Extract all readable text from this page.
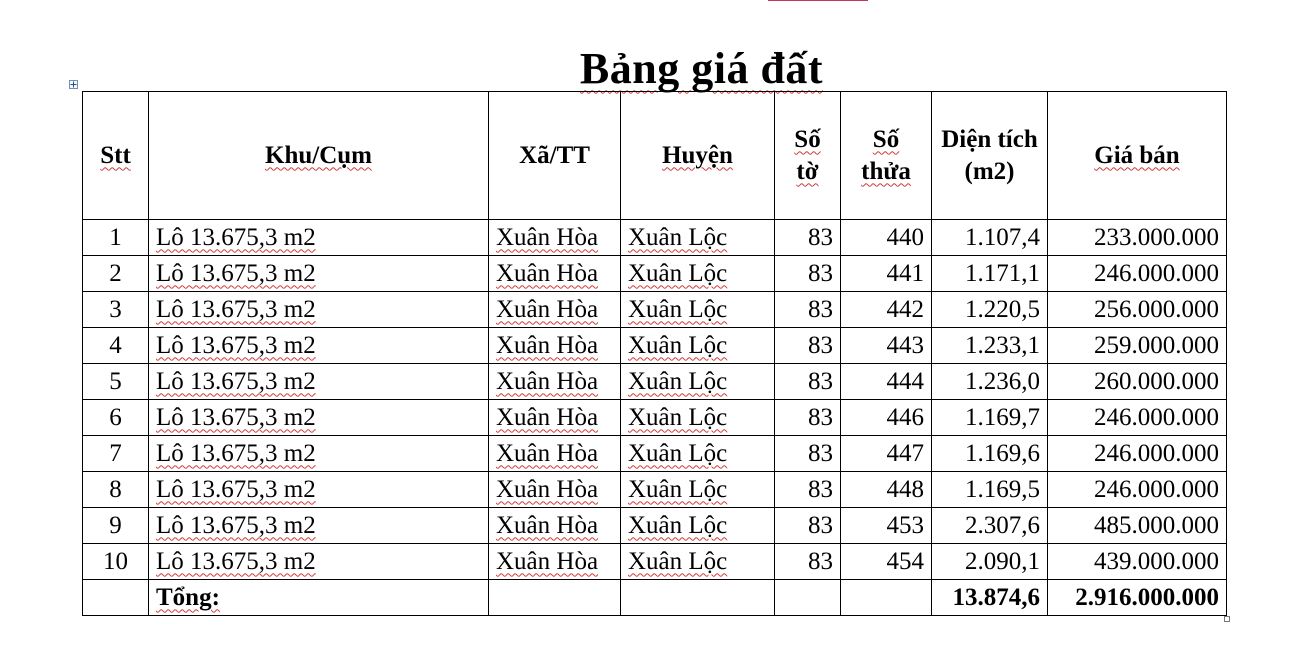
Bảng giá đất
Stt	Khu/Cụm	Xã/TT	Huyện	Số tờ	Số thửa	Diện tích (m2)	Giá bán
1	Lô 13.675,3 m2	Xuân Hòa	Xuân Lộc	83	440	1.107,4	233.000.000
2	Lô 13.675,3 m2	Xuân Hòa	Xuân Lộc	83	441	1.171,1	246.000.000
3	Lô 13.675,3 m2	Xuân Hòa	Xuân Lộc	83	442	1.220,5	256.000.000
4	Lô 13.675,3 m2	Xuân Hòa	Xuân Lộc	83	443	1.233,1	259.000.000
5	Lô 13.675,3 m2	Xuân Hòa	Xuân Lộc	83	444	1.236,0	260.000.000
6	Lô 13.675,3 m2	Xuân Hòa	Xuân Lộc	83	446	1.169,7	246.000.000
7	Lô 13.675,3 m2	Xuân Hòa	Xuân Lộc	83	447	1.169,6	246.000.000
8	Lô 13.675,3 m2	Xuân Hòa	Xuân Lộc	83	448	1.169,5	246.000.000
9	Lô 13.675,3 m2	Xuân Hòa	Xuân Lộc	83	453	2.307,6	485.000.000
10	Lô 13.675,3 m2	Xuân Hòa	Xuân Lộc	83	454	2.090,1	439.000.000
	Tổng:					13.874,6	2.916.000.000
